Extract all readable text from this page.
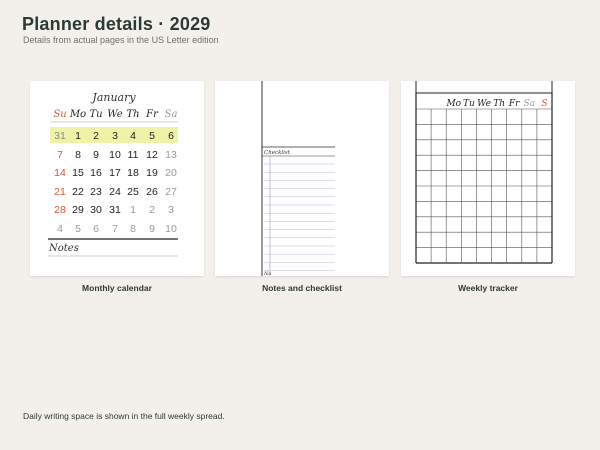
Planner details · 2029

Details from actual pages in the US Letter edition

January
Su Mo Tu We Th Fr Sa
31 1 2 3 4 5 6
7 8 9 10 11 12 13
14 15 16 17 18 19 20
21 22 23 24 25 26 27
28 29 30 31 1 2 3
4 5 6 7 8 9 10
Notes
Monthly calendar
Checklist
No
Notes and checklist
Mo Tu We Th Fr Sa S
Weekly tracker

Daily writing space is shown in the full weekly spread.
